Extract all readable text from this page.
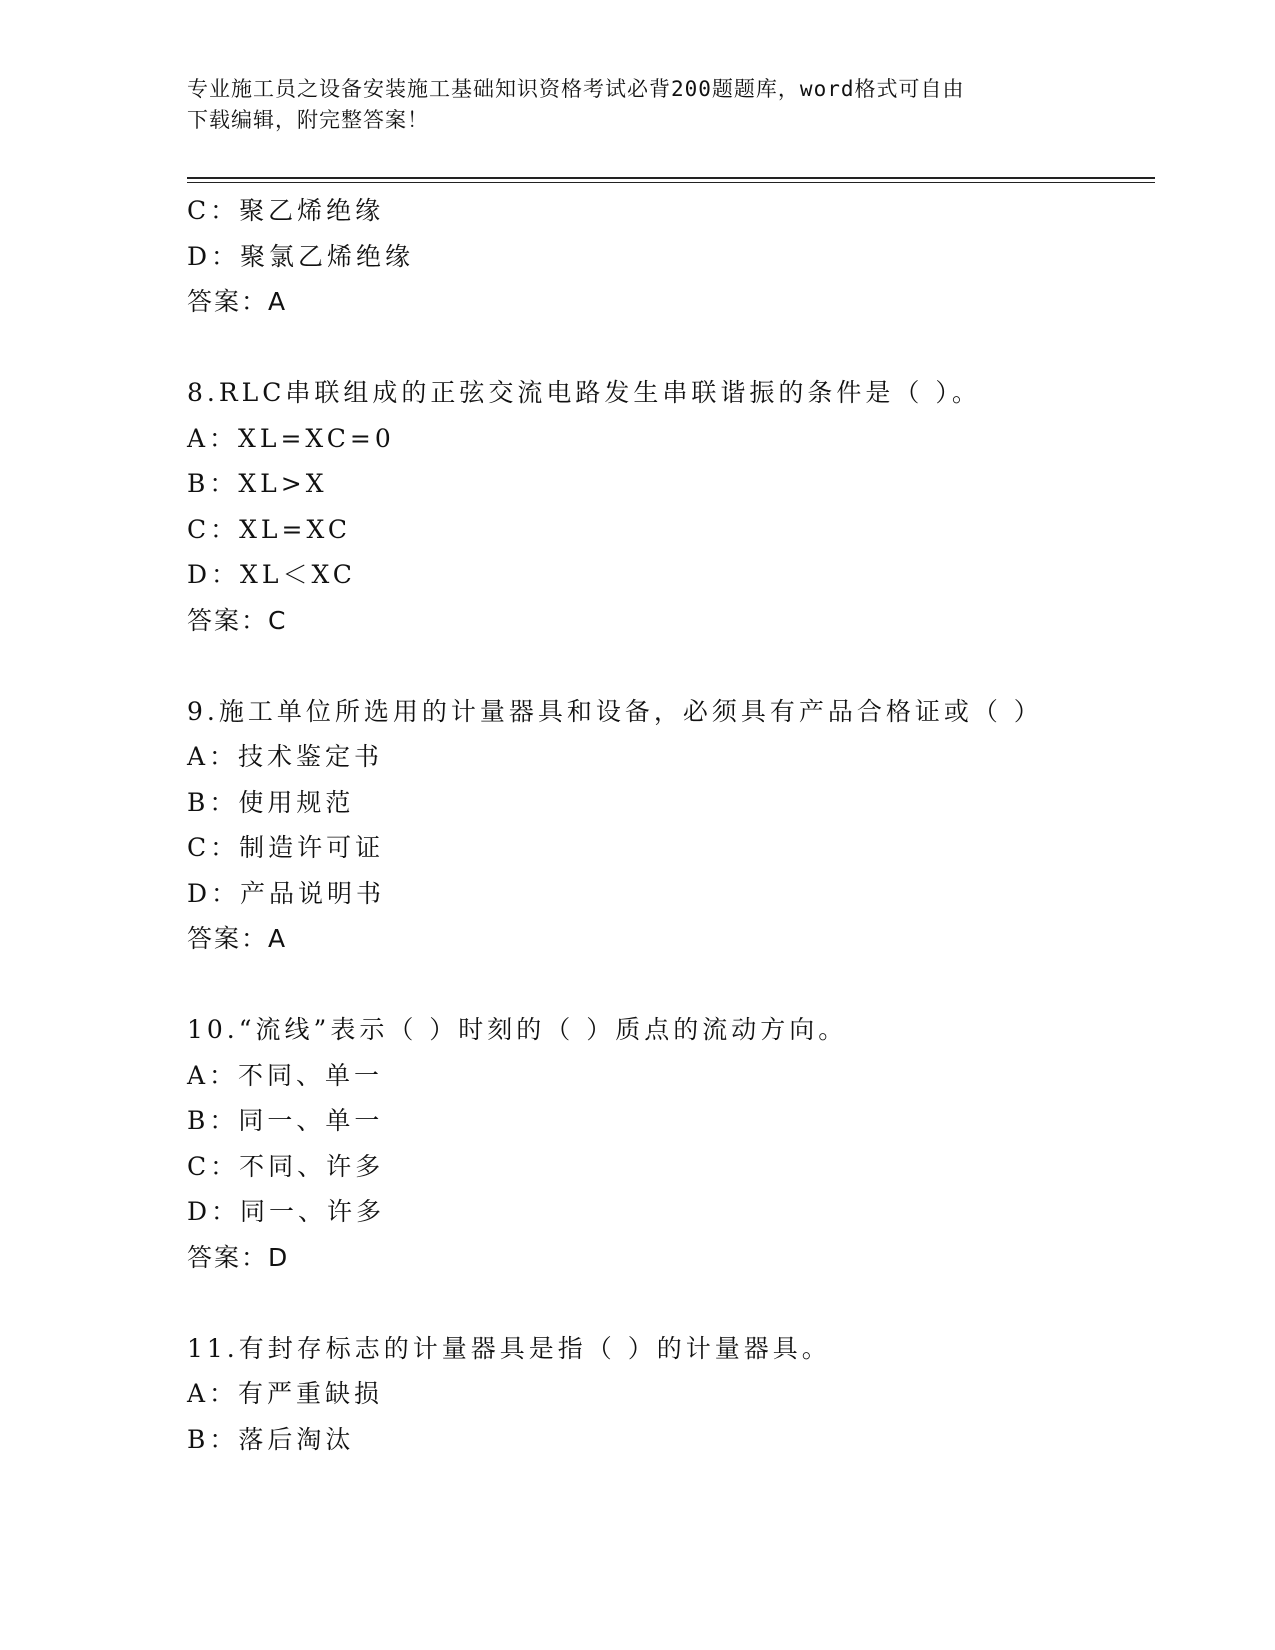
专业施工员之设备安装施工基础知识资格考试必背200题题库，word格式可自由
下载编辑，附完整答案！
C：聚乙烯绝缘
D：聚氯乙烯绝缘
答案：A
8.RLC串联组成的正弦交流电路发生串联谐振的条件是（ ）。
A：XL=XC=0
B：XL>X
C：XL=XC
D：XL＜XC
答案：C
9.施工单位所选用的计量器具和设备，必须具有产品合格证或（ ）
A：技术鉴定书
B：使用规范
C：制造许可证
D：产品说明书
答案：A
10.“流线”表示（ ）时刻的（ ）质点的流动方向。
A：不同、单一
B：同一、单一
C：不同、许多
D：同一、许多
答案：D
11.有封存标志的计量器具是指（ ）的计量器具。
A：有严重缺损
B：落后淘汰
